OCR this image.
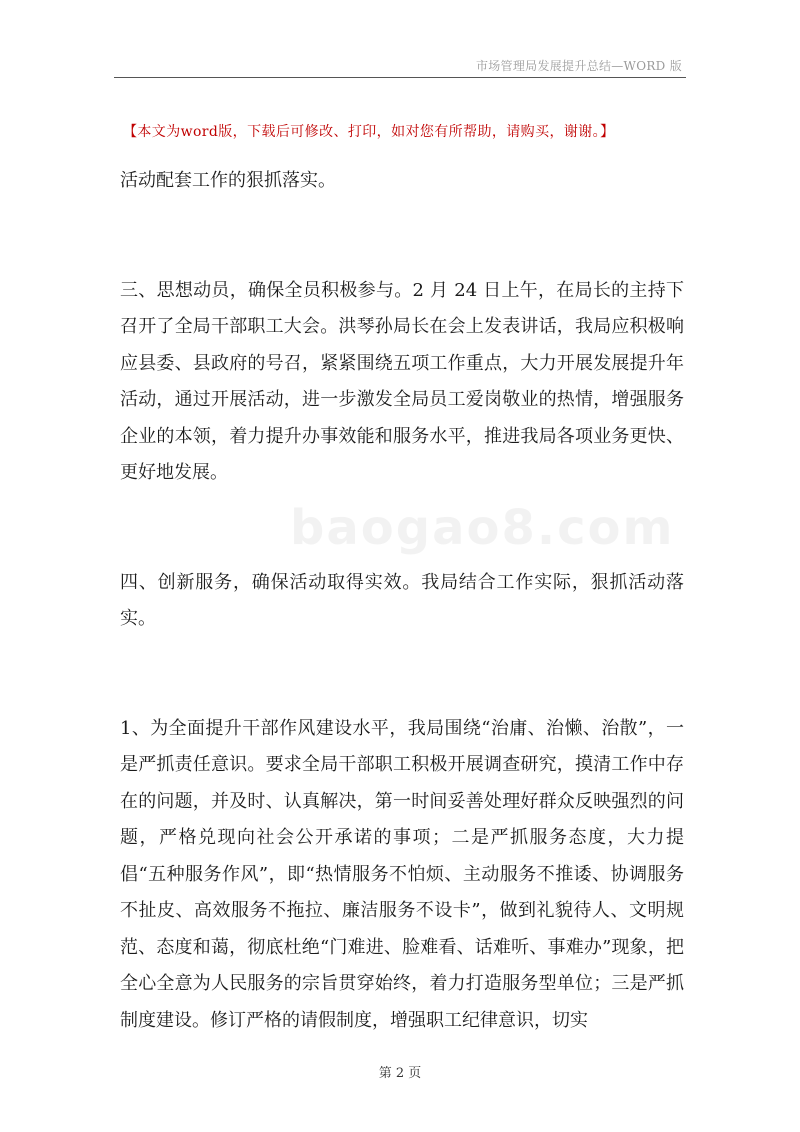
市场管理局发展提升总结—WORD 版
【本文为word版，下载后可修改、打印，如对您有所帮助，请购买，谢谢。】
baogao8.com

活动配套工作的狠抓落实。

三、思想动员，确保全员积极参与。2 月 24 日上午，在局长的主持下召开了全局干部职工大会。洪琴孙局长在会上发表讲话，我局应积极响应县委、县政府的号召，紧紧围绕五项工作重点，大力开展发展提升年活动，通过开展活动，进一步激发全局员工爱岗敬业的热情，增强服务企业的本领，着力提升办事效能和服务水平，推进我局各项业务更快、更好地发展。

四、创新服务，确保活动取得实效。我局结合工作实际，狠抓活动落实。

1、为全面提升干部作风建设水平，我局围绕“治庸、治懒、治散”，一是严抓责任意识。要求全局干部职工积极开展调查研究，摸清工作中存在的问题，并及时、认真解决，第一时间妥善处理好群众反映强烈的问题，严格兑现向社会公开承诺的事项；二是严抓服务态度，大力提倡“五种服务作风”，即“热情服务不怕烦、主动服务不推诿、协调服务不扯皮、高效服务不拖拉、廉洁服务不设卡”，做到礼貌待人、文明规范、态度和蔼，彻底杜绝“门难进、脸难看、话难听、事难办”现象，把全心全意为人民服务的宗旨贯穿始终，着力打造服务型单位；三是严抓制度建设。修订严格的请假制度，增强职工纪律意识，切实

第 2 页
